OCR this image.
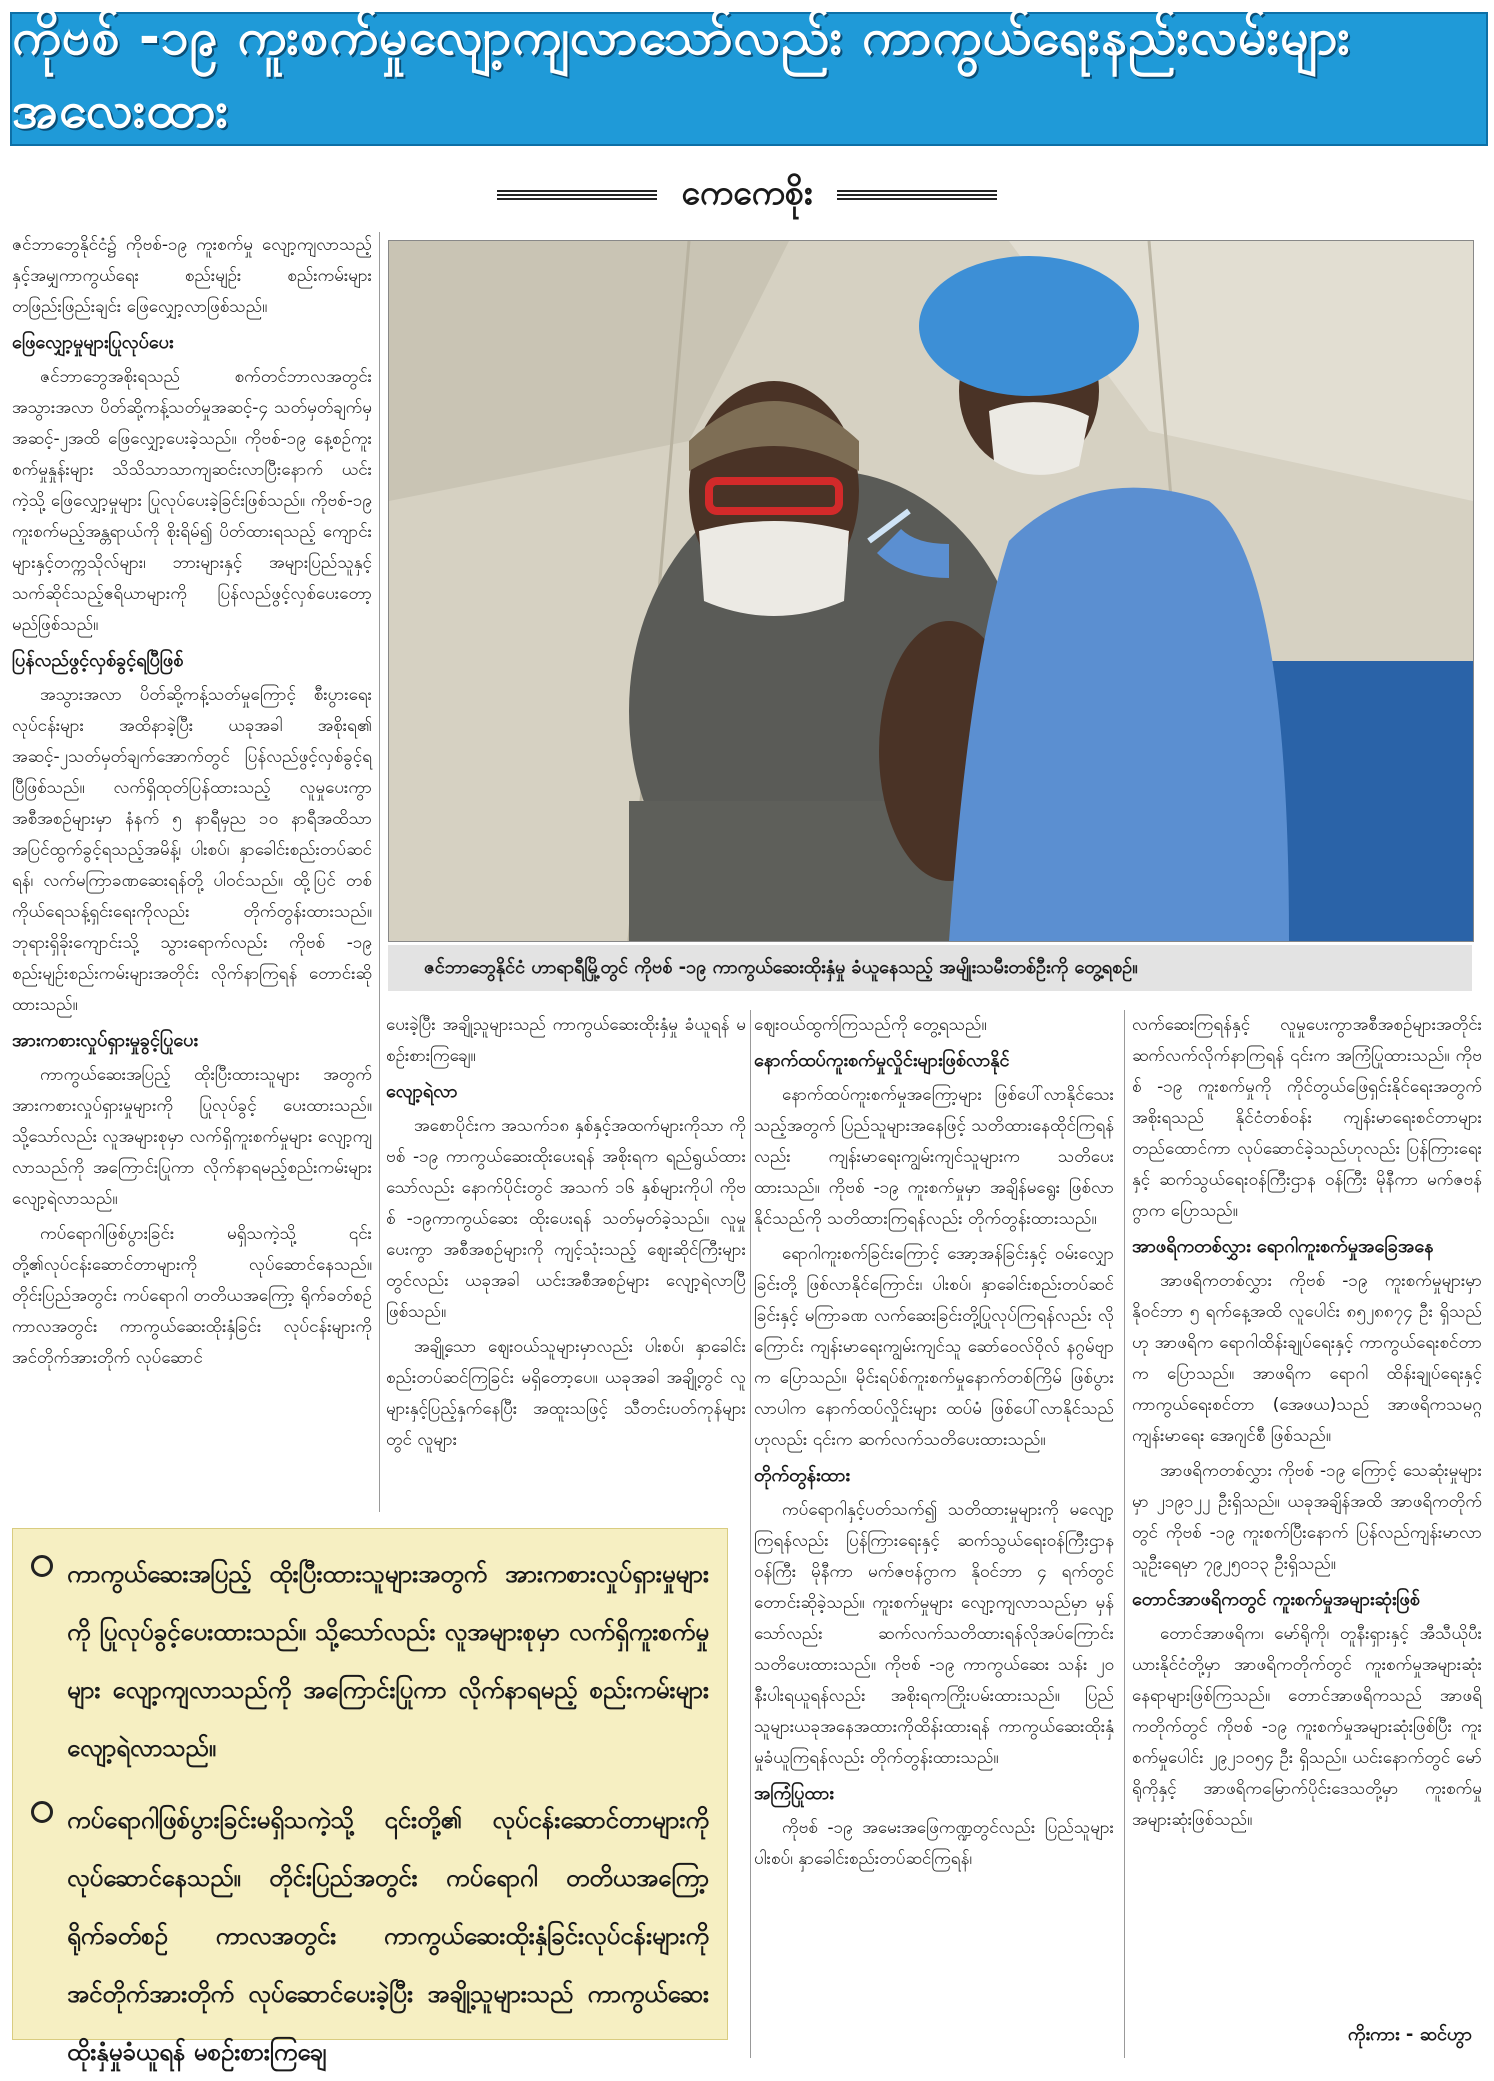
ကိုဗစ် -၁၉ ကူးစက်မှုလျော့ကျလာသော်လည်း ကာကွယ်ရေးနည်းလမ်းများ အလေးထား
ကေကေစိုး

ဇင်ဘာဘွေနိုင်ငံ၌ ကိုဗစ်-၁၉ ကူးစက်မှု လျော့ကျလာသည့်နှင့်အမျှကာကွယ်ရေး စည်းမျဉ်း စည်းကမ်းများ တဖြည်းဖြည်းချင်း ဖြေလျှော့လာဖြစ်သည်။

ဖြေလျှော့မှုများပြုလုပ်ပေး

ဇင်ဘာဘွေအစိုးရသည် စက်တင်ဘာလအတွင်း အသွားအလာ ပိတ်ဆို့ကန့်သတ်မှုအဆင့်-၄ သတ်မှတ်ချက်မှ အဆင့်-၂အထိ ဖြေလျှော့ပေးခဲ့သည်။ ကိုဗစ်-၁၉ နေ့စဉ်ကူးစက်မှုနှုန်းများ သိသိသာသာကျဆင်းလာပြီးနောက် ယင်းကဲ့သို့ ဖြေလျှော့မှုများ ပြုလုပ်ပေးခဲ့ခြင်းဖြစ်သည်။ ကိုဗစ်-၁၉ ကူးစက်မည့်အန္တရာယ်ကို စိုးရိမ်၍ ပိတ်ထားရသည့် ကျောင်းများနှင့်တက္ကသိုလ်များ၊ ဘားများနှင့် အများပြည်သူနှင့် သက်ဆိုင်သည့်ဧရိယာများကို ပြန်လည်ဖွင့်လှစ်ပေးတော့မည်ဖြစ်သည်။

ပြန်လည်ဖွင့်လှစ်ခွင့်ရပြီဖြစ်

အသွားအလာ ပိတ်ဆို့ကန့်သတ်မှုကြောင့် စီးပွားရေးလုပ်ငန်းများ အထိနာခဲ့ပြီး ယခုအခါ အစိုးရ၏ အဆင့်-၂သတ်မှတ်ချက်အောက်တွင် ပြန်လည်ဖွင့်လှစ်ခွင့်ရပြီဖြစ်သည်။ လက်ရှိထုတ်ပြန်ထားသည့် လူမှုပေးကွာအစီအစဉ်များမှာ နံနက် ၅ နာရီမှည ၁၀ နာရီအထိသာ အပြင်ထွက်ခွင့်ရသည့်အမိန့်၊ ပါးစပ်၊ နှာခေါင်းစည်းတပ်ဆင်ရန်၊ လက်မကြာခဏဆေးရန်တို့ ပါဝင်သည်။ ထို့ပြင် တစ်ကိုယ်ရေသန့်ရှင်းရေးကိုလည်း တိုက်တွန်းထားသည်။ ဘုရားရှိခိုးကျောင်းသို့ သွားရောက်လည်း ကိုဗစ် -၁၉ စည်းမျဉ်းစည်းကမ်းများအတိုင်း လိုက်နာကြရန် တောင်းဆိုထားသည်။

အားကစားလှုပ်ရှားမှုခွင့်ပြုပေး

ကာကွယ်ဆေးအပြည့် ထိုးပြီးထားသူများ အတွက် အားကစားလှုပ်ရှားမှုများကို ပြုလုပ်ခွင့် ပေးထားသည်။ သို့သော်လည်း လူအများစုမှာ လက်ရှိကူးစက်မှုများ လျော့ကျလာသည်ကို အကြောင်းပြုကာ လိုက်နာရမည့်စည်းကမ်းများ လျော့ရဲလာသည်။

ကပ်ရောဂါဖြစ်ပွားခြင်း မရှိသကဲ့သို့ ၎င်းတို့၏လုပ်ငန်းဆောင်တာများကို လုပ်ဆောင်နေသည်။ တိုင်းပြည်အတွင်း ကပ်ရောဂါ တတိယအကြော့ ရိုက်ခတ်စဉ်ကာလအတွင်း ကာကွယ်ဆေးထိုးနှံခြင်း လုပ်ငန်းများကို အင်တိုက်အားတိုက် လုပ်ဆောင်

ဇင်ဘာဘွေနိုင်ငံ ဟာရာရီမြို့တွင် ကိုဗစ် -၁၉ ကာကွယ်ဆေးထိုးနှံမှု ခံယူနေသည့် အမျိုးသမီးတစ်ဦးကို တွေ့ရစဉ်။

ပေးခဲ့ပြီး အချို့သူများသည် ကာကွယ်ဆေးထိုးနှံမှု ခံယူရန် မစဉ်းစားကြချေ။

လျော့ရဲလာ

အစောပိုင်းက အသက်၁၈ နှစ်နှင့်အထက်များကိုသာ ကိုဗစ် -၁၉ ကာကွယ်ဆေးထိုးပေးရန် အစိုးရက ရည်ရွယ်ထားသော်လည်း နောက်ပိုင်းတွင် အသက် ၁၆ နှစ်များကိုပါ ကိုဗစ် -၁၉ကာကွယ်ဆေး ထိုးပေးရန် သတ်မှတ်ခဲ့သည်။ လူမှုပေးကွာ အစီအစဉ်များကို ကျင့်သုံးသည့် ဈေးဆိုင်ကြီးများတွင်လည်း ယခုအခါ ယင်းအစီအစဉ်များ လျော့ရဲလာပြီဖြစ်သည်။

အချို့သော ဈေးဝယ်သူများမှာလည်း ပါးစပ်၊ နှာခေါင်းစည်းတပ်ဆင်ကြခြင်း မရှိတော့ပေ။ ယခုအခါ အချို့တွင် လူများနှင့်ပြည့်နှက်နေပြီး အထူးသဖြင့် သီတင်းပတ်ကုန်များတွင် လူများ

ဈေးဝယ်ထွက်ကြသည်ကို တွေ့ရသည်။

နောက်ထပ်ကူးစက်မှုလှိုင်းများဖြစ်လာနိုင်

နောက်ထပ်ကူးစက်မှုအကြော့များ ဖြစ်ပေါ်လာနိုင်သေးသည့်အတွက် ပြည်သူများအနေဖြင့် သတိထားနေထိုင်ကြရန်လည်း ကျန်းမာရေးကျွမ်းကျင်သူများက သတိပေးထားသည်။ ကိုဗစ် -၁၉ ကူးစက်မှုမှာ အချိန်မရွေး ဖြစ်လာနိုင်သည်ကို သတိထားကြရန်လည်း တိုက်တွန်းထားသည်။

ရောဂါကူးစက်ခြင်းကြောင့် အော့အန်ခြင်းနှင့် ဝမ်းလျှောခြင်းတို့ ဖြစ်လာနိုင်ကြောင်း၊ ပါးစပ်၊ နှာခေါင်းစည်းတပ်ဆင်ခြင်းနှင့် မကြာခဏ လက်ဆေးခြင်းတို့ပြုလုပ်ကြရန်လည်း လိုကြောင်း ကျန်းမာရေးကျွမ်းကျင်သူ ဆော်ဝေလ်ဝိုလ် နဂွမ်ဗျာက ပြောသည်။ မိုင်းရပ်စ်ကူးစက်မှုနောက်တစ်ကြိမ် ဖြစ်ပွားလာပါက နောက်ထပ်လှိုင်းများ ထပ်မံ ဖြစ်ပေါ်လာနိုင်သည်ဟုလည်း ၎င်းက ဆက်လက်သတိပေးထားသည်။

တိုက်တွန်းထား

ကပ်ရောဂါနှင့်ပတ်သက်၍ သတိထားမှုများကို မလျော့ကြရန်လည်း ပြန်ကြားရေးနှင့် ဆက်သွယ်ရေးဝန်ကြီးဌာန ဝန်ကြီး မိုနီကာ မက်ဇဗန်ဂွာက နိုဝင်ဘာ ၄ ရက်တွင် တောင်းဆိုခဲ့သည်။ ကူးစက်မှုများ လျော့ကျလာသည်မှာ မှန်သော်လည်း ဆက်လက်သတိထားရန်လိုအပ်ကြောင်း သတိပေးထားသည်။ ကိုဗစ် -၁၉ ကာကွယ်ဆေး သန်း ၂၀ နီးပါးရယူရန်လည်း အစိုးရကကြိုးပမ်းထားသည်။ ပြည်သူများယခုအနေအထားကိုထိန်းထားရန် ကာကွယ်ဆေးထိုးနှံမှုခံယူကြရန်လည်း တိုက်တွန်းထားသည်။

အကြံပြုထား

ကိုဗစ် -၁၉ အမေးအဖြေကဏ္ဍတွင်လည်း ပြည်သူများ ပါးစပ်၊ နှာခေါင်းစည်းတပ်ဆင်ကြရန်၊

လက်ဆေးကြရန်နှင့် လူမှုပေးကွာအစီအစဉ်များအတိုင်း ဆက်လက်လိုက်နာကြရန် ၎င်းက အကြံပြုထားသည်။ ကိုဗစ် -၁၉ ကူးစက်မှုကို ကိုင်တွယ်ဖြေရှင်းနိုင်ရေးအတွက် အစိုးရသည် နိုင်ငံတစ်ဝန်း ကျန်းမာရေးစင်တာများ တည်ထောင်ကာ လုပ်ဆောင်ခဲ့သည်ဟုလည်း ပြန်ကြားရေးနှင့် ဆက်သွယ်ရေးဝန်ကြီးဌာန ဝန်ကြီး မိုနီကာ မက်ဇဗန်ဂွာက ပြောသည်။

အာဖရိကတစ်လွှား ရောဂါကူးစက်မှုအခြေအနေ

အာဖရိကတစ်လွှား ကိုဗစ် -၁၉ ကူးစက်မှုများမှာ နိုဝင်ဘာ ၅ ရက်နေ့အထိ လူပေါင်း ၈၅၂၈၈၇၄ ဦး ရှိသည်ဟု အာဖရိက ရောဂါထိန်းချုပ်ရေးနှင့် ကာကွယ်ရေးစင်တာက ပြောသည်။ အာဖရိက ရောဂါ ထိန်းချုပ်ရေးနှင့် ကာကွယ်ရေးစင်တာ (အေဖယ)သည် အာဖရိကသမဂ္ဂ ကျန်းမာရေး အေဂျင်စီ ဖြစ်သည်။

အာဖရိကတစ်လွှား ကိုဗစ် -၁၉ ကြောင့် သေဆုံးမှုများမှာ ၂၁၉၁၂၂ ဦးရှိသည်။ ယခုအချိန်အထိ အာဖရိကတိုက်တွင် ကိုဗစ် -၁၉ ကူးစက်ပြီးနောက် ပြန်လည်ကျန်းမာလာသူဦးရေမှာ ၇၉၂၅၀၁၃ ဦးရှိသည်။

တောင်အာဖရိကတွင် ကူးစက်မှုအများဆုံးဖြစ်

တောင်အာဖရိက၊ မော်ရိုကို၊ တူနီးရှားနှင့် အီသီယိုပီးယားနိုင်ငံတို့မှာ အာဖရိကတိုက်တွင် ကူးစက်မှုအများဆုံးနေရာများဖြစ်ကြသည်။ တောင်အာဖရိကသည် အာဖရိကတိုက်တွင် ကိုဗစ် -၁၉ ကူးစက်မှုအများဆုံးဖြစ်ပြီး ကူးစက်မှုပေါင်း ၂၉၂၁၀၅၄ ဦး ရှိသည်။ ယင်းနောက်တွင် မော်ရိုကိုနှင့် အာဖရိကမြောက်ပိုင်းဒေသတို့မှာ ကူးစက်မှု အများဆုံးဖြစ်သည်။

ကာကွယ်ဆေးအပြည့် ထိုးပြီးထားသူများအတွက် အားကစားလှုပ်ရှားမှုများကို ပြုလုပ်ခွင့်ပေးထားသည်။ သို့သော်လည်း လူအများစုမှာ လက်ရှိကူးစက်မှုများ လျော့ကျလာသည်ကို အကြောင်းပြုကာ လိုက်နာရမည့် စည်းကမ်းများ လျော့ရဲလာသည်။
ကပ်ရောဂါဖြစ်ပွားခြင်းမရှိသကဲ့သို့ ၎င်းတို့၏ လုပ်ငန်းဆောင်တာများကို လုပ်ဆောင်နေသည်။ တိုင်းပြည်အတွင်း ကပ်ရောဂါ တတိယအကြော့ ရိုက်ခတ်စဉ် ကာလအတွင်း ကာကွယ်ဆေးထိုးနှံခြင်းလုပ်ငန်းများကို အင်တိုက်အားတိုက် လုပ်ဆောင်ပေးခဲ့ပြီး အချို့သူများသည် ကာကွယ်ဆေးထိုးနှံမှုခံယူရန် မစဉ်းစားကြချေ
ကိုးကား - ဆင်ဟွာ
